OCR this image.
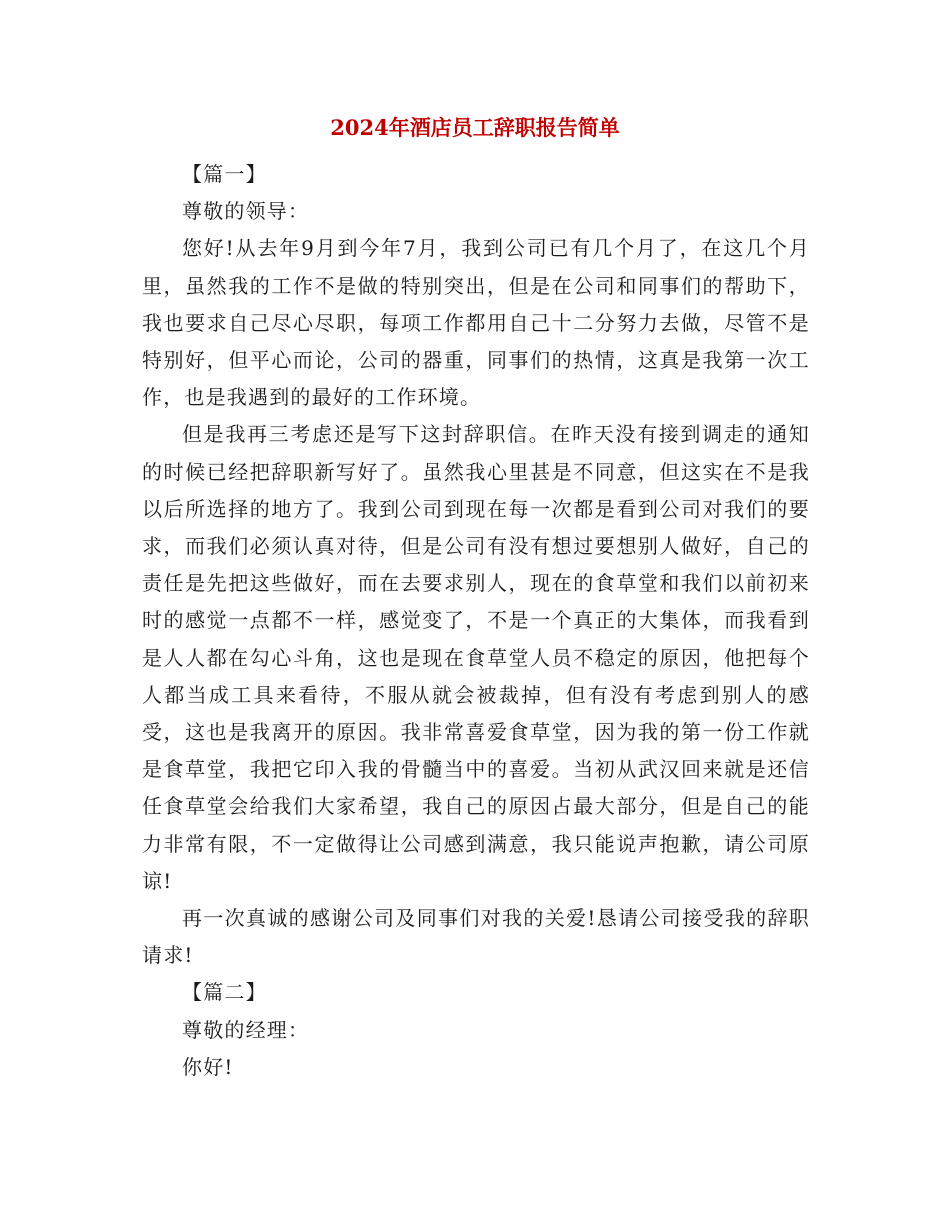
2024年酒店员工辞职报告简单

【篇一】

尊敬的领导：

您好!从去年9月到今年7月，我到公司已有几个月了，在这几个月里，虽然我的工作不是做的特别突出，但是在公司和同事们的帮助下，我也要求自己尽心尽职，每项工作都用自己十二分努力去做，尽管不是特别好，但平心而论，公司的器重，同事们的热情，这真是我第一次工作，也是我遇到的最好的工作环境。

但是我再三考虑还是写下这封辞职信。在昨天没有接到调走的通知的时候已经把辞职新写好了。虽然我心里甚是不同意，但这实在不是我以后所选择的地方了。我到公司到现在每一次都是看到公司对我们的要求，而我们必须认真对待，但是公司有没有想过要想别人做好，自己的责任是先把这些做好，而在去要求别人，现在的食草堂和我们以前初来时的感觉一点都不一样，感觉变了，不是一个真正的大集体，而我看到是人人都在勾心斗角，这也是现在食草堂人员不稳定的原因，他把每个人都当成工具来看待，不服从就会被裁掉，但有没有考虑到别人的感受，这也是我离开的原因。我非常喜爱食草堂，因为我的第一份工作就是食草堂，我把它印入我的骨髓当中的喜爱。当初从武汉回来就是还信任食草堂会给我们大家希望，我自己的原因占最大部分，但是自己的能力非常有限，不一定做得让公司感到满意，我只能说声抱歉，请公司原谅!

再一次真诚的感谢公司及同事们对我的关爱!恳请公司接受我的辞职请求!

【篇二】

尊敬的经理：

你好!
